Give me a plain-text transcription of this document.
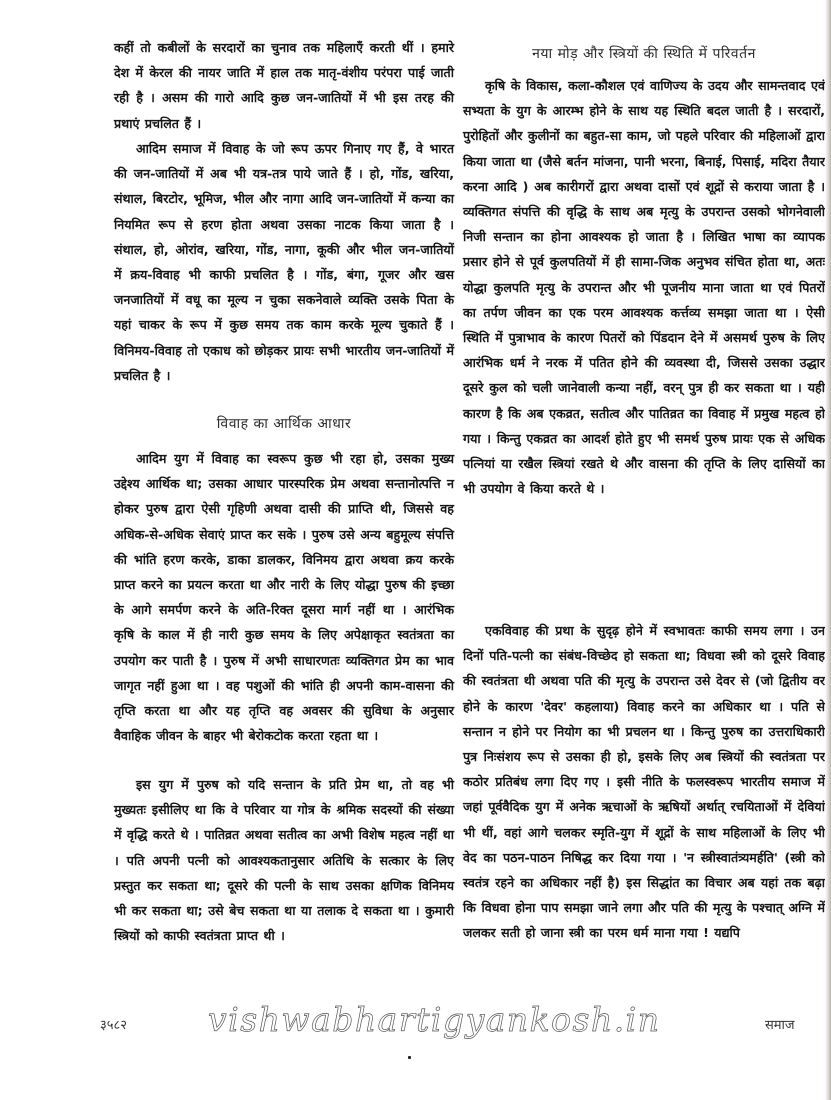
कहीं तो कबीलों के सरदारों का चुनाव तक महिलाएँ करती थीं । हमारे देश में केरल की नायर जाति में हाल तक मातृ-वंशीय परंपरा पाई जाती रही है । असम की गारो आदि कुछ जन-जातियों में भी इस तरह की प्रथाएं प्रचलित हैं ।

आदिम समाज में विवाह के जो रूप ऊपर गिनाए गए हैं, वे भारत की जन-जातियों में अब भी यत्र-तत्र पाये जाते हैं । हो, गोंड, खरिया, संथाल, बिरटोर, भूमिज, भील और नागा आदि जन-जातियों में कन्या का नियमित रूप से हरण होता अथवा उसका नाटक किया जाता है । संथाल, हो, ओरांव, खरिया, गोंड, नागा, कूकी और भील जन-जातियों में क्रय-विवाह भी काफी प्रचलित है । गोंड, बंगा, गूजर और खस जनजातियों में वधू का मूल्य न चुका सकनेवाले व्यक्ति उसके पिता के यहां चाकर के रूप में कुछ समय तक काम करके मूल्य चुकाते हैं । विनिमय-विवाह तो एकाध को छोड़कर प्रायः सभी भारतीय जन-जातियों में प्रचलित है ।

विवाह का आर्थिक आधार

आदिम युग में विवाह का स्वरूप कुछ भी रहा हो, उसका मुख्य उद्देश्य आर्थिक था; उसका आधार पारस्परिक प्रेम अथवा सन्तानोत्पत्ति न होकर पुरुष द्वारा ऐसी गृहिणी अथवा दासी की प्राप्ति थी, जिससे वह अधिक-से-अधिक सेवाएं प्राप्त कर सके । पुरुष उसे अन्य बहुमूल्य संपत्ति की भांति हरण करके, डाका डालकर, विनिमय द्वारा अथवा क्रय करके प्राप्त करने का प्रयत्न करता था और नारी के लिए योद्धा पुरुष की इच्छा के आगे समर्पण करने के अति-रिक्त दूसरा मार्ग नहीं था । आरंभिक कृषि के काल में ही नारी कुछ समय के लिए अपेक्षाकृत स्वतंत्रता का उपयोग कर पाती है । पुरुष में अभी साधारणतः व्यक्तिगत प्रेम का भाव जागृत नहीं हुआ था । वह पशुओं की भांति ही अपनी काम-वासना की तृप्ति करता था और यह तृप्ति वह अवसर की सुविधा के अनुसार वैवाहिक जीवन के बाहर भी बेरोकटोक करता रहता था ।

इस युग में पुरुष को यदि सन्तान के प्रति प्रेम था, तो वह भी मुख्यतः इसीलिए था कि वे परिवार या गोत्र के श्रमिक सदस्यों की संख्या में वृद्धि करते थे । पातिव्रत अथवा सतीत्व का अभी विशेष महत्व नहीं था । पति अपनी पत्नी को आवश्यकतानुसार अतिथि के सत्कार के लिए प्रस्तुत कर सकता था; दूसरे की पत्नी के साथ उसका क्षणिक विनिमय भी कर सकता था; उसे बेच सकता था या तलाक दे सकता था । कुमारी स्त्रियों को काफी स्वतंत्रता प्राप्त थी ।

नया मोड़ और स्त्रियों की स्थिति में परिवर्तन

कृषि के विकास, कला-कौशल एवं वाणिज्य के उदय और सामन्तवाद एवं सभ्यता के युग के आरम्भ होने के साथ यह स्थिति बदल जाती है । सरदारों, पुरोहितों और कुलीनों का बहुत-सा काम, जो पहले परिवार की महिलाओं द्वारा किया जाता था (जैसे बर्तन मांजना, पानी भरना, बिनाई, पिसाई, मदिरा तैयार करना आदि ) अब कारीगरों द्वारा अथवा दासों एवं शूद्रों से कराया जाता है । व्यक्तिगत संपत्ति की वृद्धि के साथ अब मृत्यु के उपरान्त उसको भोगनेवाली निजी सन्तान का होना आवश्यक हो जाता है । लिखित भाषा का व्यापक प्रसार होने से पूर्व कुलपतियों में ही सामा-जिक अनुभव संचित होता था, अतः योद्धा कुलपति मृत्यु के उपरान्त और भी पूजनीय माना जाता था एवं पितरों का तर्पण जीवन का एक परम आवश्यक कर्त्तव्य समझा जाता था । ऐसी स्थिति में पुत्राभाव के कारण पितरों को पिंडदान देने में असमर्थ पुरुष के लिए आरंभिक धर्म ने नरक में पतित होने की व्यवस्था दी, जिससे उसका उद्धार दूसरे कुल को चली जानेवाली कन्या नहीं, वरन् पुत्र ही कर सकता था । यही कारण है कि अब एकव्रत, सतीत्व और पातिव्रत का विवाह में प्रमुख महत्व हो गया । किन्तु एकव्रत का आदर्श होते हुए भी समर्थ पुरुष प्रायः एक से अधिक पत्नियां या रखैल स्त्रियां रखते थे और वासना की तृप्ति के लिए दासियों का भी उपयोग वे किया करते थे ।

एकविवाह की प्रथा के सुदृढ़ होने में स्वभावतः काफी समय लगा । उन दिनों पति-पत्नी का संबंध-विच्छेद हो सकता था; विधवा स्त्री को दूसरे विवाह की स्वतंत्रता थी अथवा पति की मृत्यु के उपरान्त उसे देवर से (जो द्वितीय वर होने के कारण 'देवर' कहलाया) विवाह करने का अधिकार था । पति से सन्तान न होने पर नियोग का भी प्रचलन था । किन्तु पुरुष का उत्तराधिकारी पुत्र निःसंशय रूप से उसका ही हो, इसके लिए अब स्त्रियों की स्वतंत्रता पर कठोर प्रतिबंध लगा दिए गए । इसी नीति के फलस्वरूप भारतीय समाज में जहां पूर्ववैदिक युग में अनेक ऋचाओं के ऋषियों अर्थात् रचयिताओं में देवियां भी थीं, वहां आगे चलकर स्मृति-युग में शूद्रों के साथ महिलाओं के लिए भी वेद का पठन-पाठन निषिद्ध कर दिया गया । 'न स्त्रीस्वातंत्र्यमर्हति' (स्त्री को स्वतंत्र रहने का अधिकार नहीं है) इस सिद्धांत का विचार अब यहां तक बढ़ा कि विधवा होना पाप समझा जाने लगा और पति की मृत्यु के पश्चात् अग्नि में जलकर सती हो जाना स्त्री का परम धर्म माना गया ! यद्यपि

३५८२ vishwabhartigyankosh.in	समाज
